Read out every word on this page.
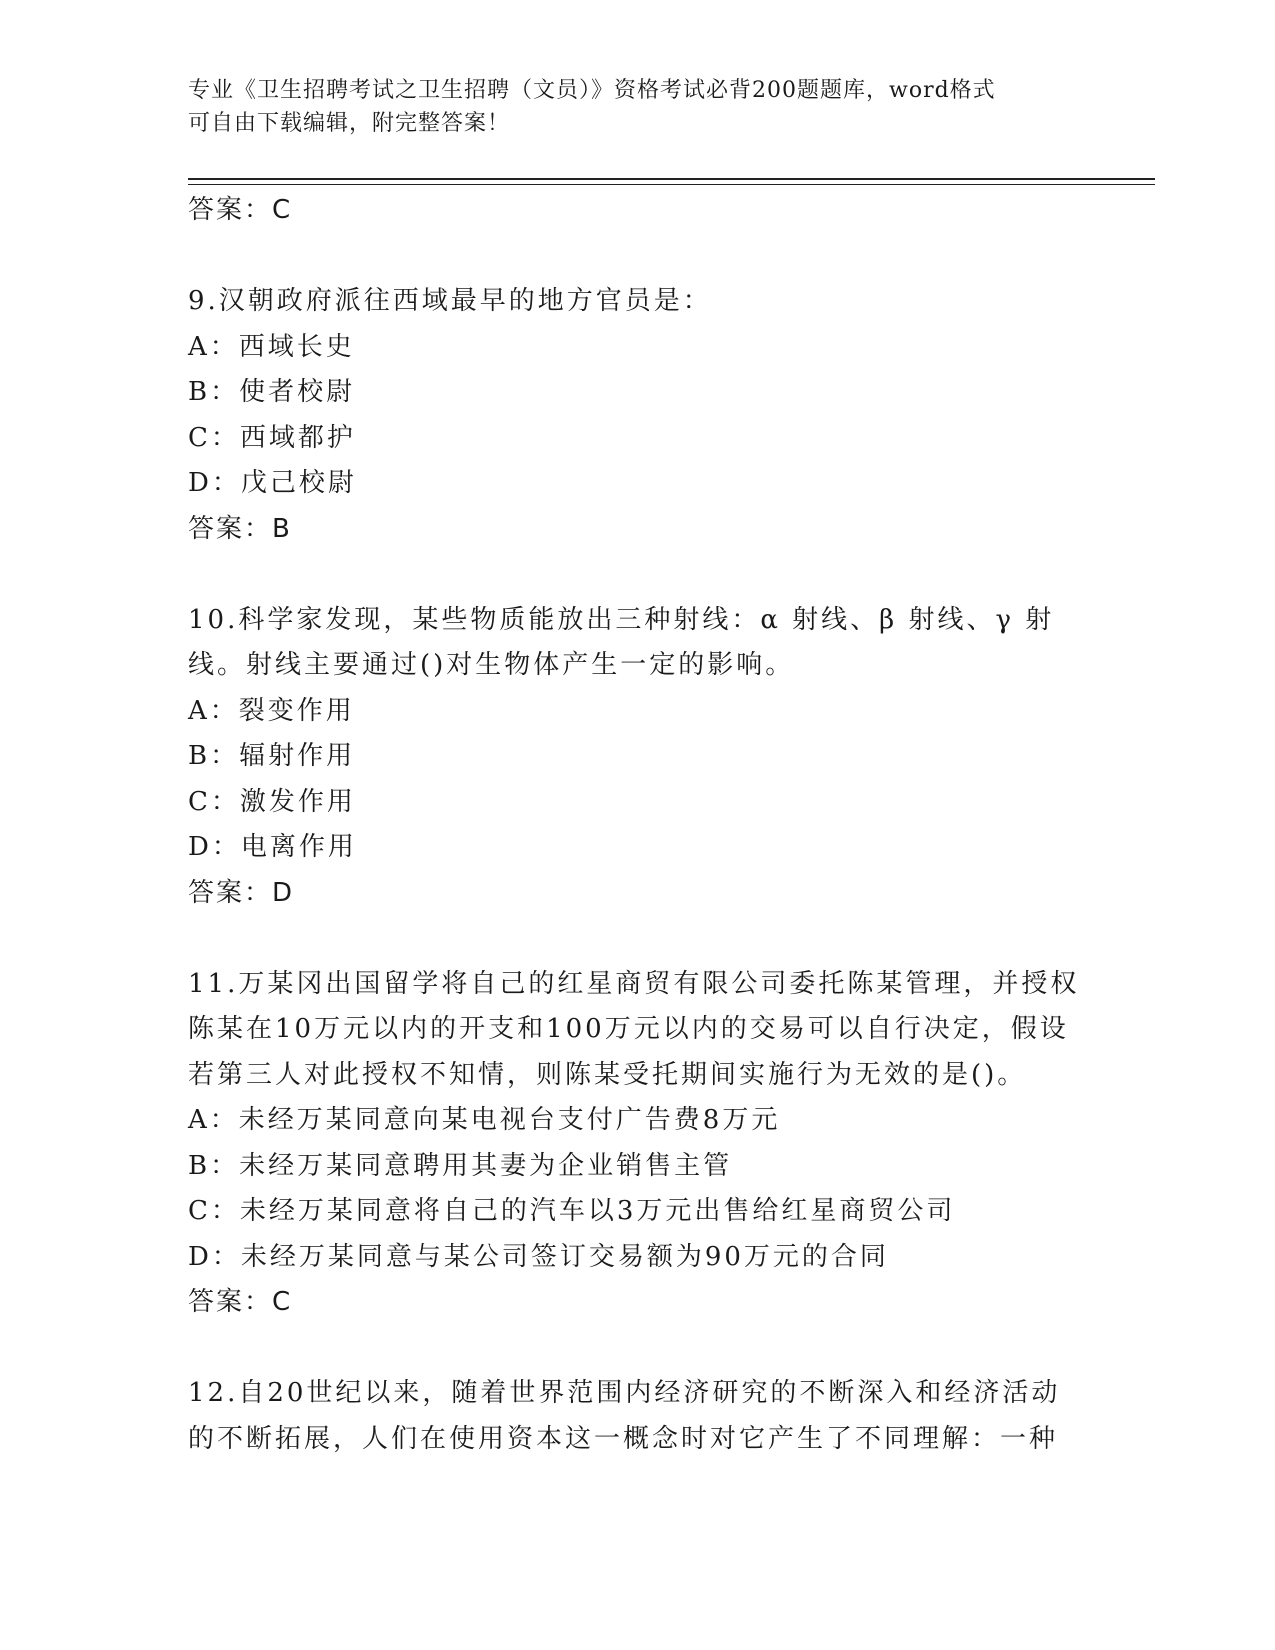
专业《卫生招聘考试之卫生招聘（文员）》资格考试必背200题题库，word格式
可自由下载编辑，附完整答案！
答案：C
9.汉朝政府派往西域最早的地方官员是：
A：西域长史
B：使者校尉
C：西域都护
D：戊己校尉
答案：B
10.科学家发现，某些物质能放出三种射线：α 射线、β 射线、γ 射
线。射线主要通过()对生物体产生一定的影响。
A：裂变作用
B：辐射作用
C：激发作用
D：电离作用
答案：D
11.万某冈出国留学将自己的红星商贸有限公司委托陈某管理，并授权
陈某在10万元以内的开支和100万元以内的交易可以自行决定，假设
若第三人对此授权不知情，则陈某受托期间实施行为无效的是()。
A：未经万某同意向某电视台支付广告费8万元
B：未经万某同意聘用其妻为企业销售主管
C：未经万某同意将自己的汽车以3万元出售给红星商贸公司
D：未经万某同意与某公司签订交易额为90万元的合同
答案：C
12.自20世纪以来，随着世界范围内经济研究的不断深入和经济活动
的不断拓展，人们在使用资本这一概念时对它产生了不同理解：一种
